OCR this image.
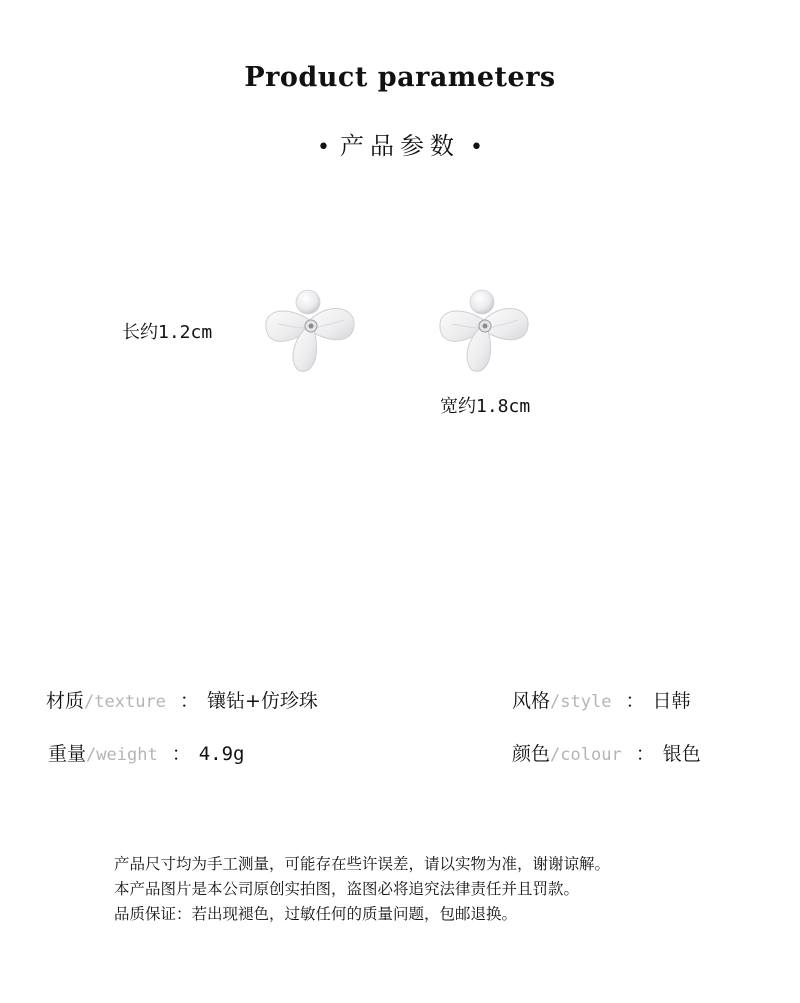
Product parameters
• 产品参数 •
长约1.2cm
宽约1.8cm
材质/texture ： 镶钻+仿珍珠	风格/style ： 日韩
重量/weight ： 4.9g	颜色/colour ： 银色
产品尺寸均为手工测量，可能存在些许误差，请以实物为准，谢谢谅解。
本产品图片是本公司原创实拍图，盗图必将追究法律责任并且罚款。
品质保证：若出现褪色，过敏任何的质量问题，包邮退换。
